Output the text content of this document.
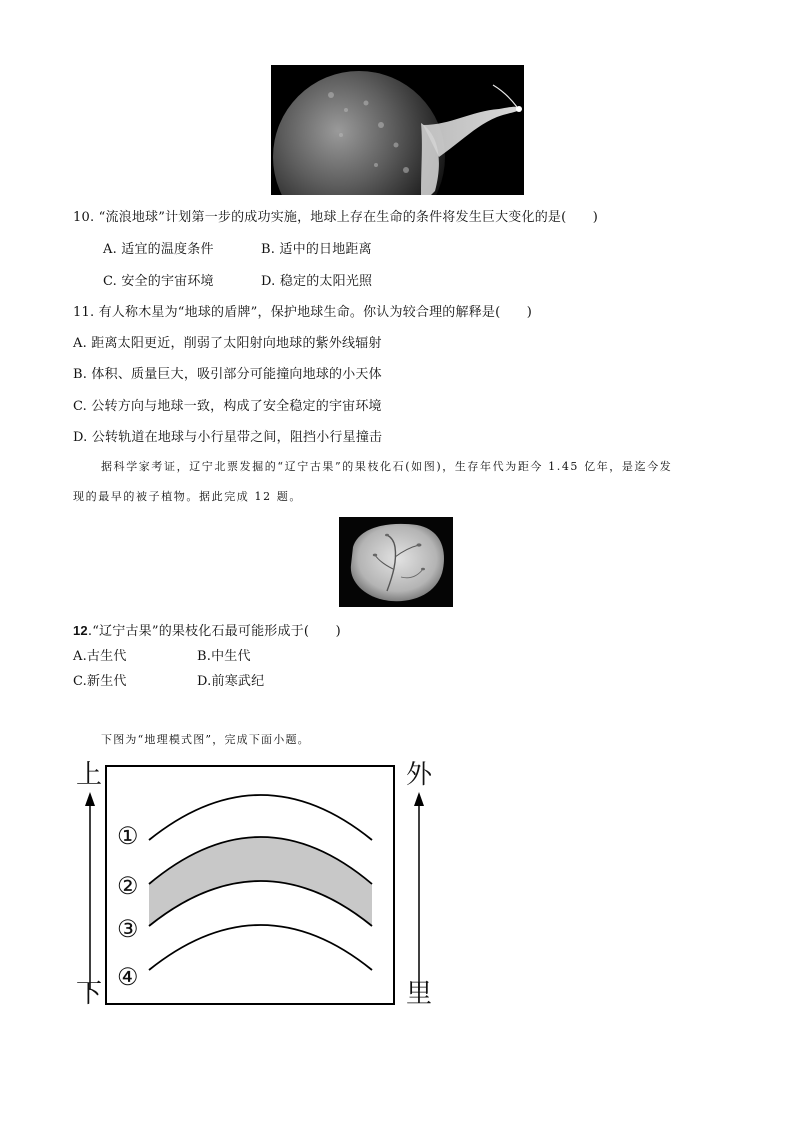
10. “流浪地球”计划第一步的成功实施，地球上存在生命的条件将发生巨大变化的是(　　)
A. 适宜的温度条件	B. 适中的日地距离
C. 安全的宇宙环境	D. 稳定的太阳光照
11. 有人称木星为“地球的盾牌”，保护地球生命。你认为较合理的解释是(　　)
A. 距离太阳更近，削弱了太阳射向地球的紫外线辐射
B. 体积、质量巨大，吸引部分可能撞向地球的小天体
C. 公转方向与地球一致，构成了安全稳定的宇宙环境
D. 公转轨道在地球与小行星带之间，阻挡小行星撞击
据科学家考证，辽宁北票发掘的“辽宁古果”的果枝化石(如图)，生存年代为距今 1.45 亿年，是迄今发
现的最早的被子植物。据此完成 12 题。
12.“辽宁古果”的果枝化石最可能形成于(　　)
A.古生代	B.中生代
C.新生代	D.前寒武纪
下图为“地理模式图”，完成下面小题。
上
下
外
里
①
②
③
④
